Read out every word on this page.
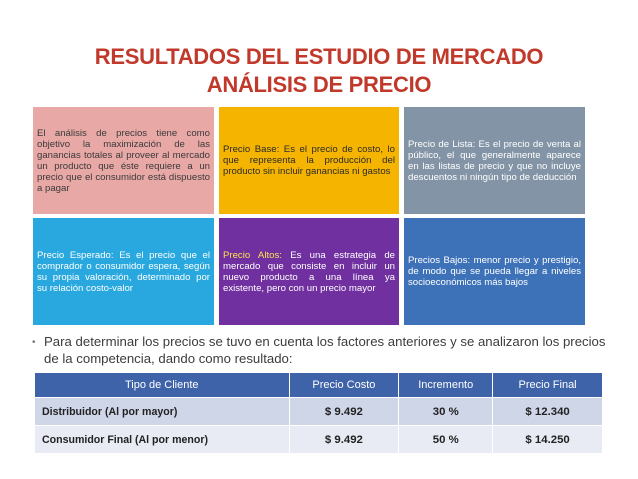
RESULTADOS DEL ESTUDIO DE MERCADO
ANÁLISIS DE PRECIO
El análisis de precios tiene como objetivo la maximización de las ganancias totales al proveer al mercado un producto que éste requiere a un precio que el consumidor está dispuesto a pagar
Precio Base: Es el precio de costo, lo que representa la producción del producto sin incluir ganancias ni gastos
Precio de Lista: Es el precio de venta al público, el que generalmente aparece en las listas de precio y que no incluye descuentos ni ningún tipo de deducción
Precio Esperado: Es el precio que el comprador o consumidor espera, según su propia valoración, determinado por su relación costo-valor
Precio Altos: Es una estrategia de mercado que consiste en incluir un nuevo producto a una línea ya existente, pero con un precio mayor
Precios Bajos: menor precio y prestigio, de modo que se pueda llegar a niveles socioeconómicos más bajos
• Para determinar los precios se tuvo en cuenta los factores anteriores y se analizaron los precios de la competencia, dando como resultado:
Tipo de Cliente	Precio Costo	Incremento	Precio Final
Distribuidor (Al por mayor)	$ 9.492	30 %	$ 12.340
Consumidor Final (Al por menor)	$ 9.492	50 %	$ 14.250
